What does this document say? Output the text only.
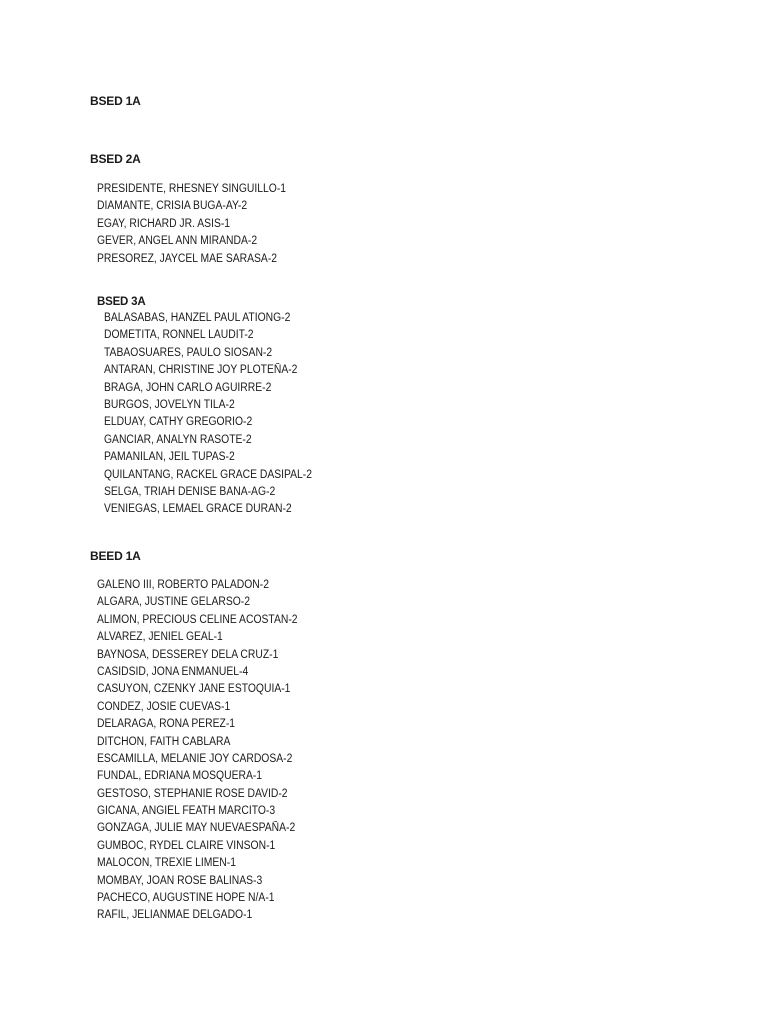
BSED 1A
BSED 2A
PRESIDENTE, RHESNEY SINGUILLO-1
DIAMANTE, CRISIA BUGA-AY-2
EGAY, RICHARD JR. ASIS-1
GEVER, ANGEL ANN MIRANDA-2
PRESOREZ, JAYCEL MAE SARASA-2
BSED 3A
BALASABAS, HANZEL PAUL ATIONG-2
DOMETITA, RONNEL LAUDIT-2
TABAOSUARES, PAULO SIOSAN-2
ANTARAN, CHRISTINE JOY PLOTEÑA-2
BRAGA, JOHN CARLO AGUIRRE-2
BURGOS, JOVELYN TILA-2
ELDUAY, CATHY GREGORIO-2
GANCIAR, ANALYN RASOTE-2
PAMANILAN, JEIL TUPAS-2
QUILANTANG, RACKEL GRACE DASIPAL-2
SELGA, TRIAH DENISE BANA-AG-2
VENIEGAS, LEMAEL GRACE DURAN-2
BEED 1A
GALENO III, ROBERTO PALADON-2
ALGARA, JUSTINE GELARSO-2
ALIMON, PRECIOUS CELINE ACOSTAN-2
ALVAREZ, JENIEL GEAL-1
BAYNOSA, DESSEREY DELA CRUZ-1
CASIDSID, JONA ENMANUEL-4
CASUYON, CZENKY JANE ESTOQUIA-1
CONDEZ, JOSIE CUEVAS-1
DELARAGA, RONA PEREZ-1
DITCHON, FAITH CABLARA
ESCAMILLA, MELANIE JOY CARDOSA-2
FUNDAL, EDRIANA MOSQUERA-1
GESTOSO, STEPHANIE ROSE DAVID-2
GICANA, ANGIEL FEATH MARCITO-3
GONZAGA, JULIE MAY NUEVAESPAÑA-2
GUMBOC, RYDEL CLAIRE VINSON-1
MALOCON, TREXIE LIMEN-1
MOMBAY, JOAN ROSE BALINAS-3
PACHECO, AUGUSTINE HOPE N/A-1
RAFIL, JELIANMAE DELGADO-1
